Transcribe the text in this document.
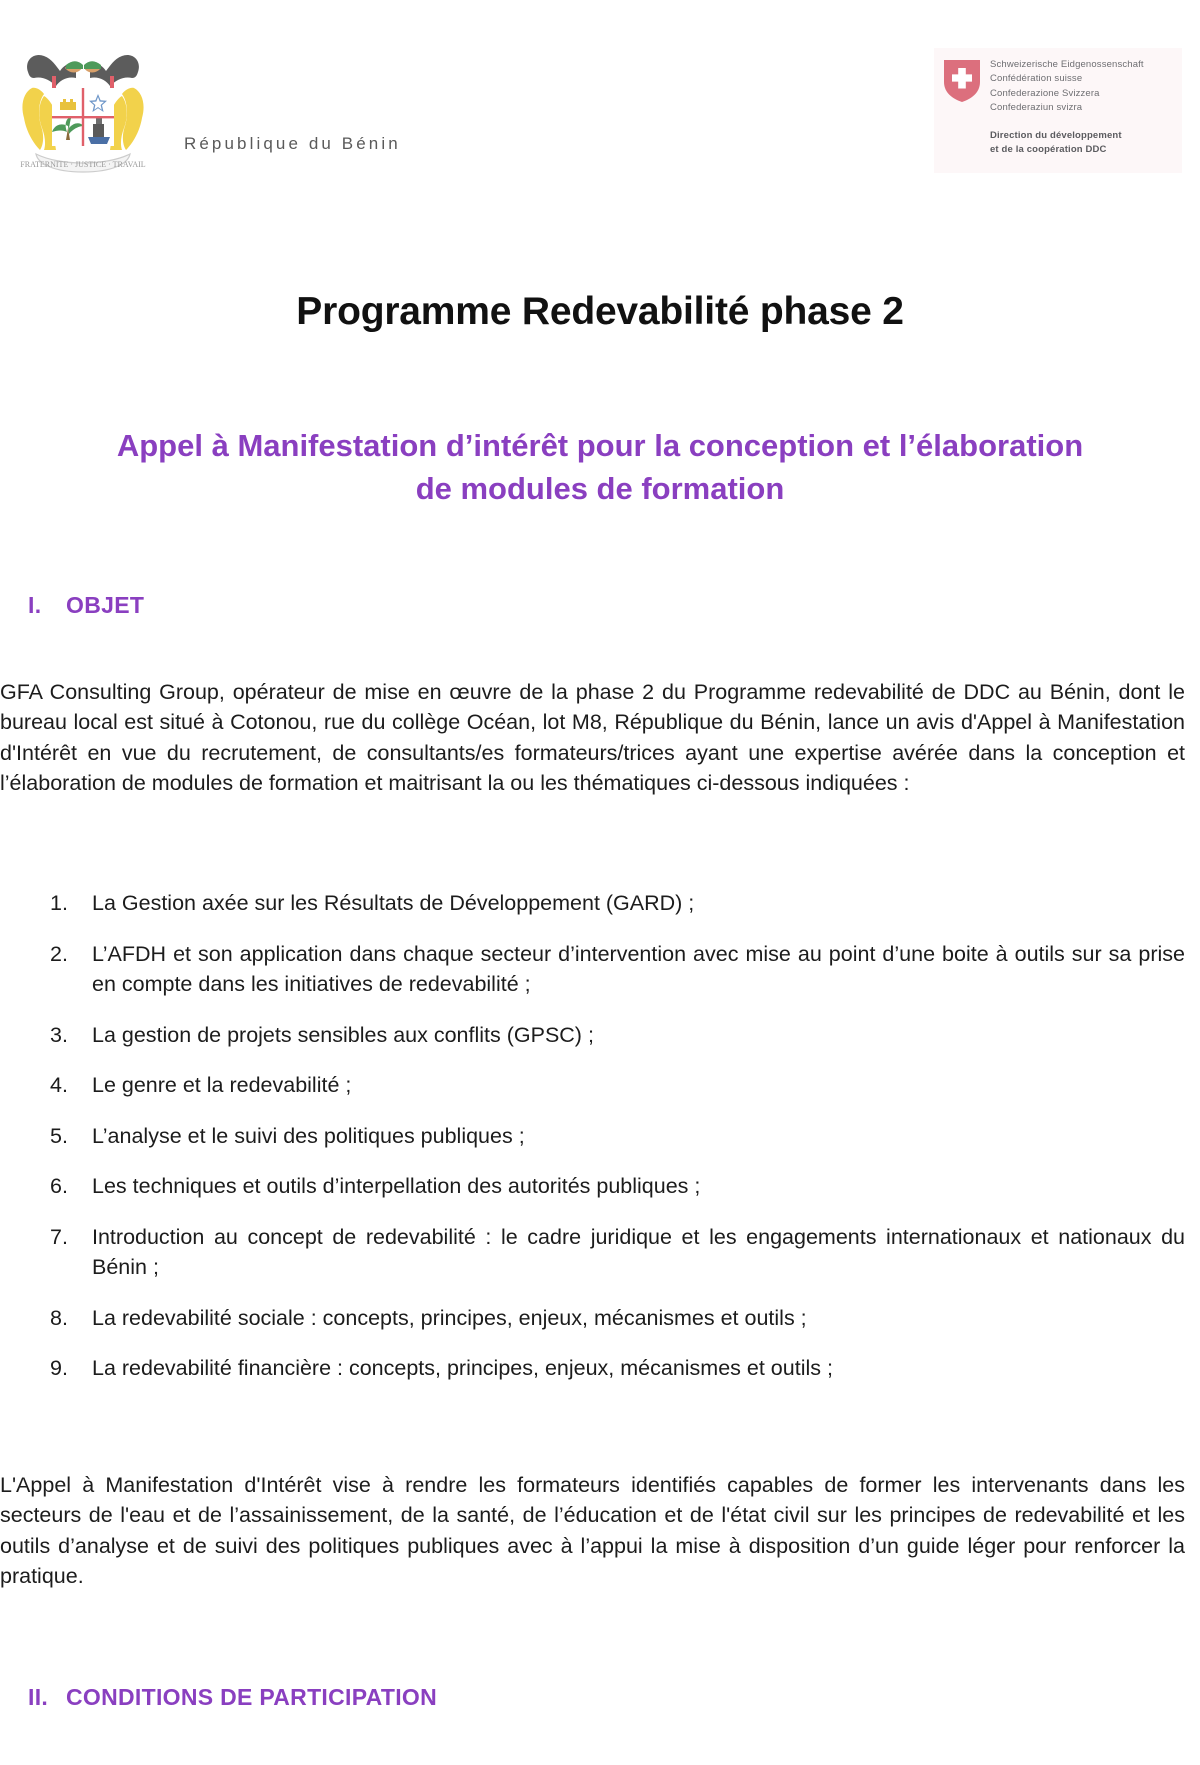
FRATERNITE · JUSTICE · TRAVAIL
République du Bénin
Schweizerische Eidgenossenschaft
Confédération suisse
Confederazione Svizzera
Confederaziun svizra
Direction du développement
et de la coopération DDC
Programme Redevabilité phase 2
Appel à Manifestation d’intérêt pour la conception et l’élaboration de modules de formation
I.	OBJET

GFA Consulting Group, opérateur de mise en œuvre de la phase 2 du Programme redevabilité de DDC au Bénin, dont le bureau local est situé à Cotonou, rue du collège Océan, lot M8, République du Bénin, lance un avis d'Appel à Manifestation d'Intérêt en vue du recrutement, de consultants/es formateurs/trices ayant une expertise avérée dans la conception et l’élaboration de modules de formation et maitrisant la ou les thématiques ci-dessous indiquées :

1.	La Gestion axée sur les Résultats de Développement (GARD) ;
2.	L’AFDH et son application dans chaque secteur d’intervention avec mise au point d’une boite à outils sur sa prise en compte dans les initiatives de redevabilité ;
3.	La gestion de projets sensibles aux conflits (GPSC) ;
4.	Le genre et la redevabilité ;
5.	L’analyse et le suivi des politiques publiques ;
6.	Les techniques et outils d’interpellation des autorités publiques ;
7.	Introduction au concept de redevabilité : le cadre juridique et les engagements internationaux et nationaux du Bénin ;
8.	La redevabilité sociale : concepts, principes, enjeux, mécanismes et outils ;
9.	La redevabilité financière : concepts, principes, enjeux, mécanismes et outils ;

L'Appel à Manifestation d'Intérêt vise à rendre les formateurs identifiés capables de former les intervenants dans les secteurs de l'eau et de l’assainissement, de la santé, de l’éducation et de l'état civil sur les principes de redevabilité et les outils d’analyse et de suivi des politiques publiques avec à l’appui la mise à disposition d’un guide léger pour renforcer la pratique.

II. CONDITIONS DE PARTICIPATION
